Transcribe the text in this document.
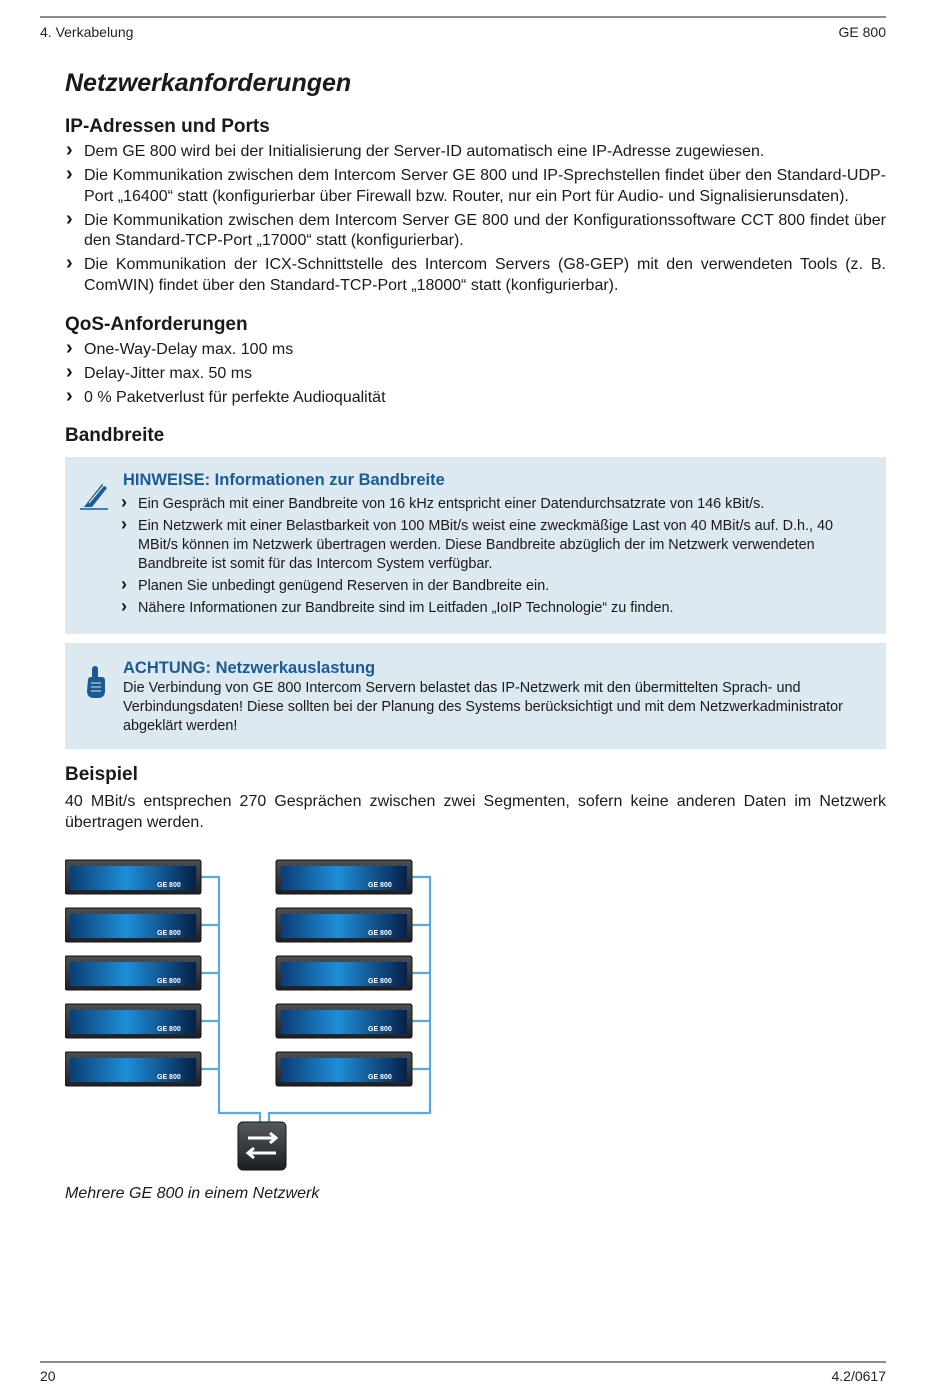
4. Verkabelung	GE 800
Netzwerkanforderungen
IP-Adressen und Ports
› Dem GE 800 wird bei der Initialisierung der Server-ID automatisch eine IP-Adresse zugewiesen.
› Die Kommunikation zwischen dem Intercom Server GE 800 und IP-Sprechstellen findet über den Standard-UDP-Port „16400“ statt (konfigurierbar über Firewall bzw. Router, nur ein Port für Audio- und Signalisierunsdaten).
› Die Kommunikation zwischen dem Intercom Server GE 800 und der Konfigurationssoftware CCT 800 findet über den Standard-TCP-Port „17000“ statt (konfigurierbar).
› Die Kommunikation der ICX-Schnittstelle des Intercom Servers (G8-GEP) mit den verwendeten Tools (z. B. ComWIN) findet über den Standard-TCP-Port „18000“ statt (konfigurierbar).
QoS-Anforderungen
› One-Way-Delay max. 100 ms
› Delay-Jitter max. 50 ms
› 0 % Paketverlust für perfekte Audioqualität
Bandbreite
HINWEISE: Informationen zur Bandbreite
› Ein Gespräch mit einer Bandbreite von 16 kHz entspricht einer Datendurchsatzrate von 146 kBit/s.
› Ein Netzwerk mit einer Belastbarkeit von 100 MBit/s weist eine zweckmäßige Last von 40 MBit/s auf. D.h., 40 MBit/s können im Netzwerk übertragen werden. Diese Bandbreite abzüglich der im Netzwerk verwendeten Bandbreite ist somit für das Intercom System verfügbar.
› Planen Sie unbedingt genügend Reserven in der Bandbreite ein.
› Nähere Informationen zur Bandbreite sind im Leitfaden „IoIP Technologie“ zu finden.
ACHTUNG: Netzwerkauslastung
Die Verbindung von GE 800 Intercom Servern belastet das IP-Netzwerk mit den übermittelten Sprach- und Verbindungsdaten! Diese sollten bei der Planung des Systems berücksichtigt und mit dem Netzwerkadministrator abgeklärt werden!
Beispiel
40 MBit/s entsprechen 270 Gesprächen zwischen zwei Segmenten, sofern keine anderen Daten im Netzwerk übertragen werden.
GE 800
GE 800
GE 800
GE 800
GE 800
GE 800
GE 800
GE 800
GE 800
GE 800
Mehrere GE 800 in einem Netzwerk
20	4.2/0617
